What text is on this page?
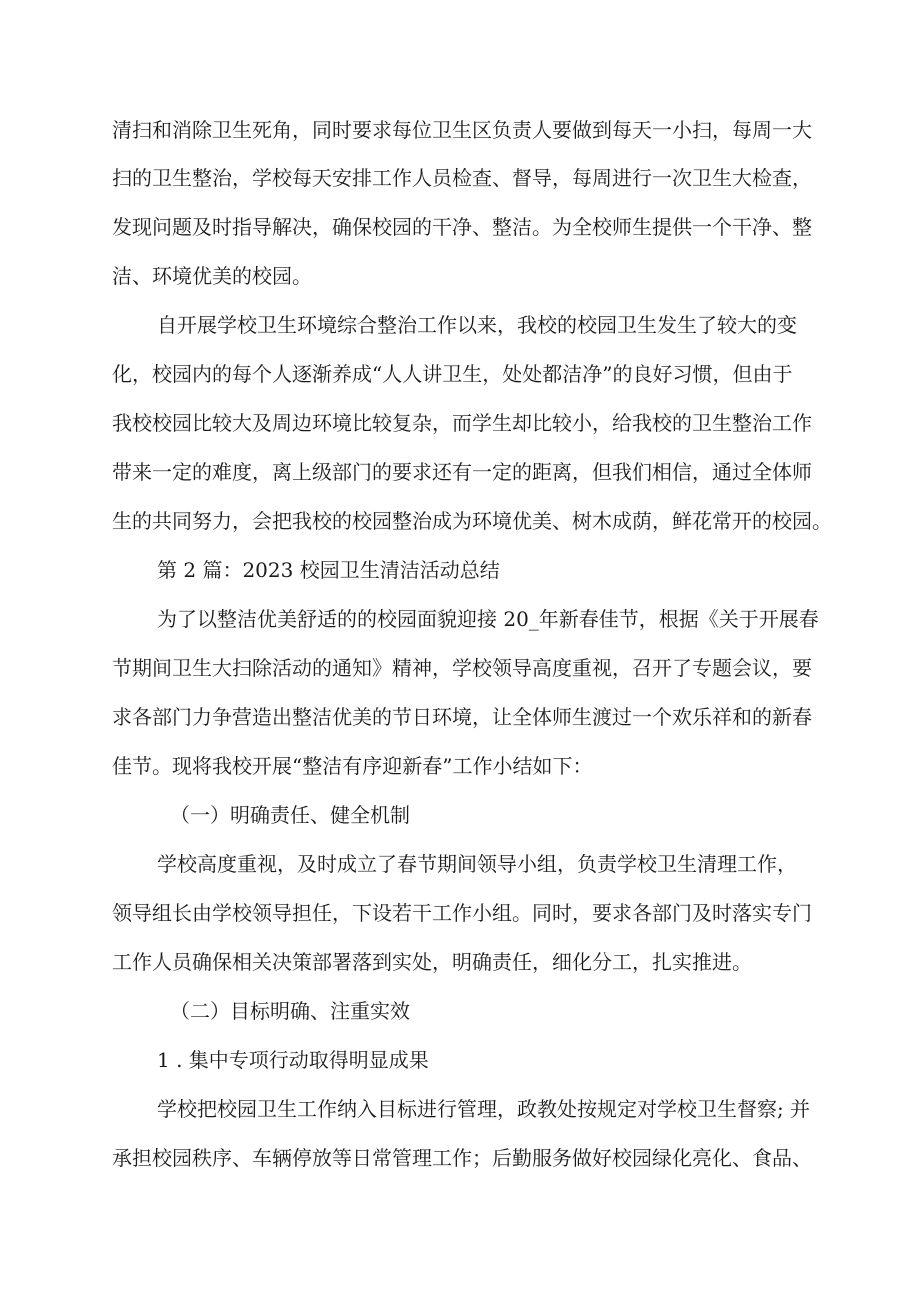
清扫和消除卫生死角，同时要求每位卫生区负责人要做到每天一小扫，每周一大
扫的卫生整治，学校每天安排工作人员检查、督导，每周进行一次卫生大检查，
发现问题及时指导解决，确保校园的干净、整洁。为全校师生提供一个干净、整
洁、环境优美的校园。
自开展学校卫生环境综合整治工作以来，我校的校园卫生发生了较大的变
化，校园内的每个人逐渐养成“人人讲卫生，处处都洁净”的良好习惯，但由于
我校校园比较大及周边环境比较复杂，而学生却比较小，给我校的卫生整治工作
带来一定的难度，离上级部门的要求还有一定的距离，但我们相信，通过全体师
生的共同努力，会把我校的校园整治成为环境优美、树木成荫，鲜花常开的校园。
第 2 篇：2023 校园卫生清洁活动总结
为了以整洁优美舒适的的校园面貌迎接 20_年新春佳节，根据《关于开展春
节期间卫生大扫除活动的通知》精神，学校领导高度重视，召开了专题会议，要
求各部门力争营造出整洁优美的节日环境，让全体师生渡过一个欢乐祥和的新春
佳节。现将我校开展“整洁有序迎新春”工作小结如下：
（一）明确责任、健全机制
学校高度重视，及时成立了春节期间领导小组，负责学校卫生清理工作，
领导组长由学校领导担任，下设若干工作小组。同时，要求各部门及时落实专门
工作人员确保相关决策部署落到实处，明确责任，细化分工，扎实推进。
（二）目标明确、注重实效
1 . 集中专项行动取得明显成果
学校把校园卫生工作纳入目标进行管理，政教处按规定对学校卫生督察; 并
承担校园秩序、车辆停放等日常管理工作；后勤服务做好校园绿化亮化、食品、
